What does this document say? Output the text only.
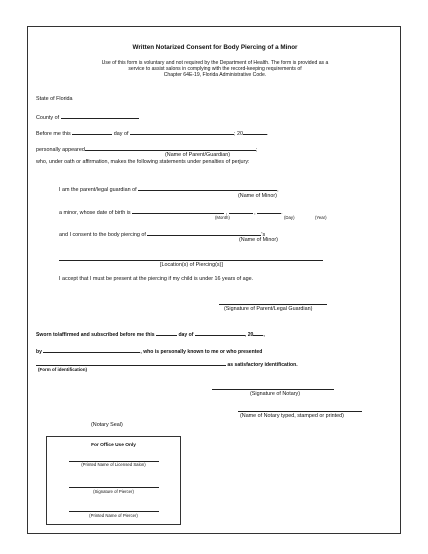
Written Notarized Consent for Body Piercing of a Minor
Use of this form is voluntary and not required by the Department of Health. The form is provided as a
service to assist salons in complying with the record-keeping requirements of
Chapter 64E-19, Florida Administrative Code.
State of Florida
County of
Before me this	day of	; 20	.
personally appeared	;
(Name of Parent/Guardian)
who, under oath or affirmation, makes the following statements under penalties of perjury:
I am the parent/legal guardian of	,
(Name of Minor)
a minor, whose date of birth is	,	,	.
(Month)	(Day)	(Year)
and I consent to the body piercing of	's
(Name of Minor)
[Location(s) of Piercing(s)]
I accept that I must be present at the piercing if my child is under 16 years of age.
(Signature of Parent/Legal Guardian)
Sworn to/affirmed and subscribed before me this	day of	, 20 ,
by	, who is personally known to me or who presented
as satisfactory identification.
(Form of identification)
(Signature of Notary)
(Name of Notary typed, stamped or printed)
(Notary Seal)
For Office Use Only
(Printed Name of Licensed Salon)
(Signature of Piercer)
(Printed Name of Piercer)
